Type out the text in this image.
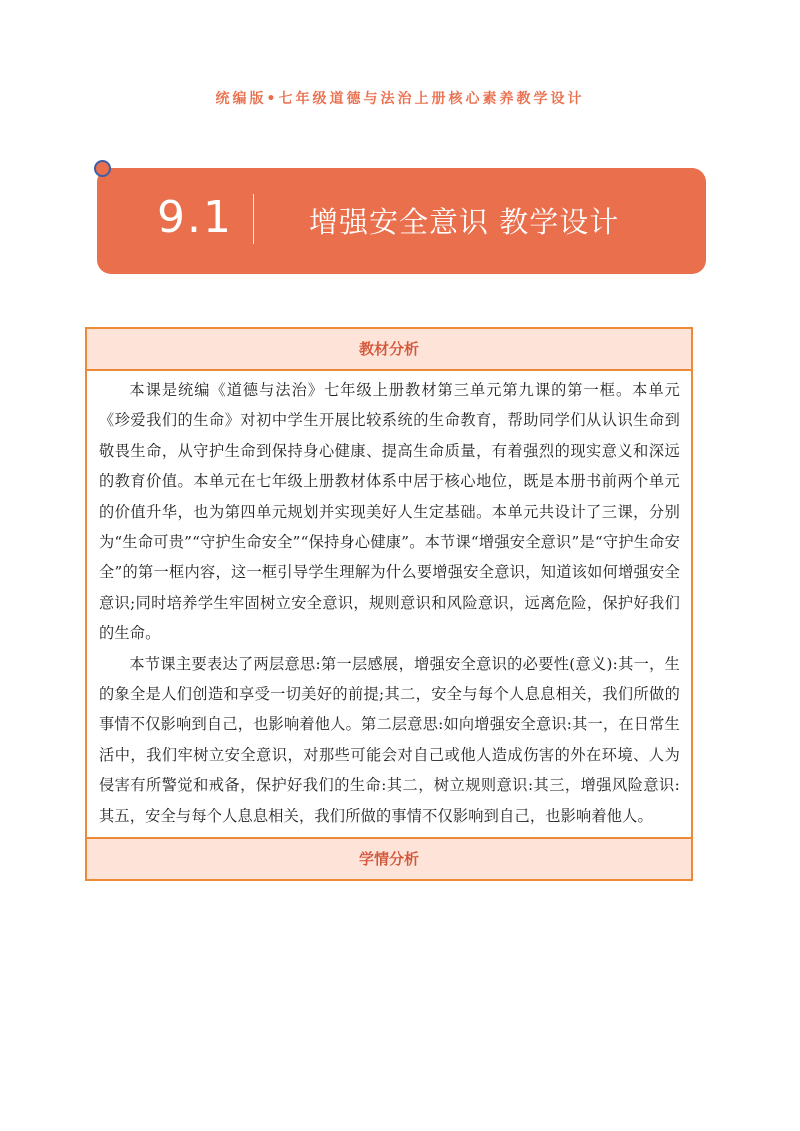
统编版•七年级道德与法治上册核心素养教学设计
9.1	增强安全意识 教学设计
教材分析

本课是统编《道德与法治》七年级上册教材第三单元第九课的第一框。本单元《珍爱我们的生命》对初中学生开展比较系统的生命教育，帮助同学们从认识生命到敬畏生命，从守护生命到保持身心健康、提高生命质量，有着强烈的现实意义和深远的教育价值。本单元在七年级上册教材体系中居于核心地位，既是本册书前两个单元的价值升华，也为第四单元规划并实现美好人生定基础。本单元共设计了三课，分别为“生命可贵”“守护生命安全”“保持身心健康”。本节课“增强安全意识”是“守护生命安全”的第一框内容，这一框引导学生理解为什么要增强安全意识，知道该如何增强安全意识;同时培养学生牢固树立安全意识，规则意识和风险意识，远离危险，保护好我们的生命。

本节课主要表达了两层意思:第一层感展，增强安全意识的必要性(意义):其一，生的象全是人们创造和享受一切美好的前提;其二，安全与每个人息息相关，我们所做的事情不仅影响到自己，也影响着他人。第二层意思:如向增强安全意识:其一，在日常生活中，我们牢树立安全意识，对那些可能会对自己或他人造成伤害的外在环境、人为侵害有所警觉和戒备，保护好我们的生命:其二，树立规则意识:其三，增强风险意识:其五，安全与每个人息息相关，我们所做的事情不仅影响到自己，也影响着他人。

学情分析
